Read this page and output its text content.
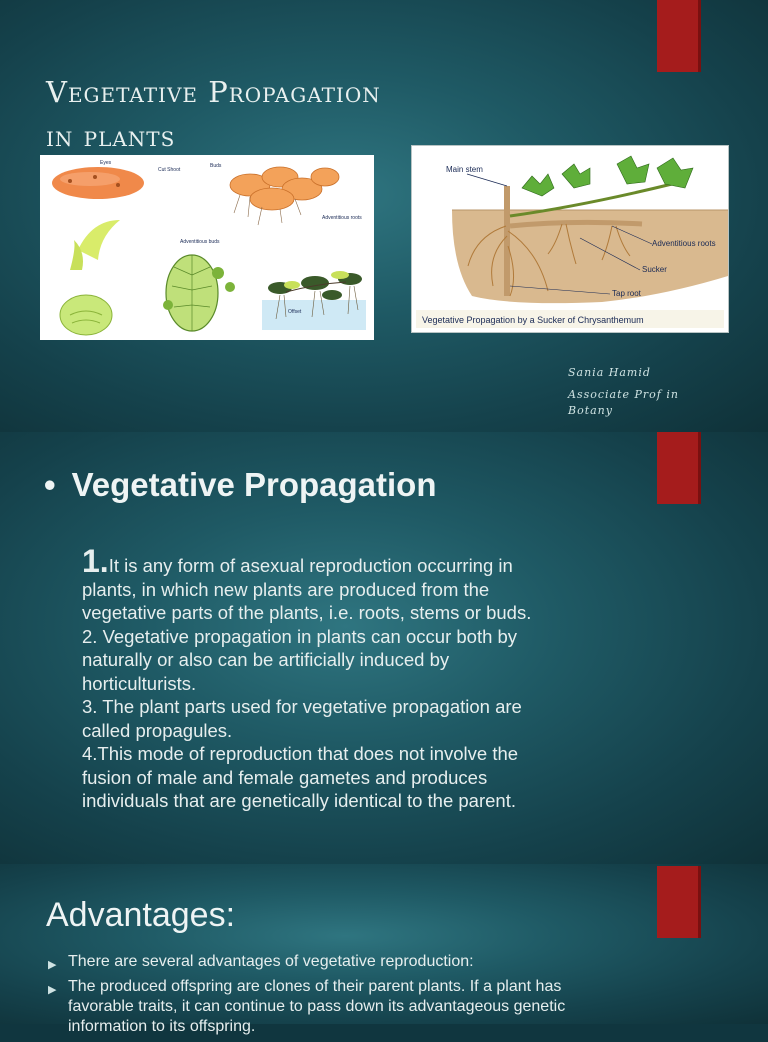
Vegetative Propagation
in plants
Eyes
Cut Shoot
Buds
Adventitious roots
Adventitious buds
Offset
Main stem
Adventitious roots
Sucker
Tap root
Vegetative Propagation by a Sucker of Chrysanthemum
Sania Hamid
Associate Prof in
Botany
• Vegetative Propagation
1.It is any form of asexual reproduction occurring in
plants, in which new plants are produced from the
vegetative parts of the plants, i.e. roots, stems or buds.
2. Vegetative propagation in plants can occur both by
naturally or also can be artificially induced by
horticulturists.
3. The plant parts used for vegetative propagation are
called propagules.
4.This mode of reproduction that does not involve the
fusion of male and female gametes and produces
individuals that are genetically identical to the parent.
Advantages:
▶ There are several advantages of vegetative reproduction:
▶ The produced offspring are clones of their parent plants. If a plant has favorable traits, it can continue to pass down its advantageous genetic information to its offspring.
